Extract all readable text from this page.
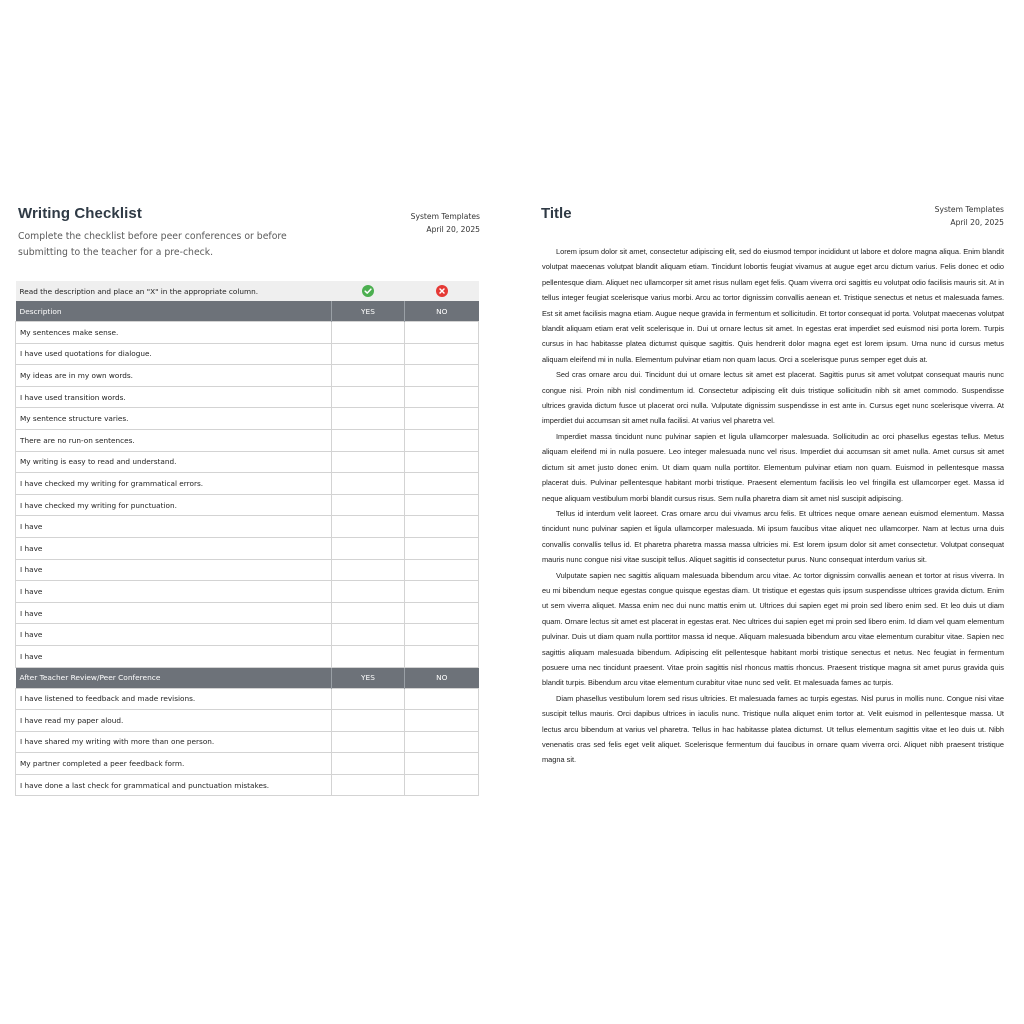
Writing Checklist
Complete the checklist before peer conferences or before submitting to the teacher for a pre-check.
System Templates
April 20, 2025
Read the description and place an "X" in the appropriate column.		
Description	YES	NO
My sentences make sense.		
I have used quotations for dialogue.		
My ideas are in my own words.		
I have used transition words.		
My sentence structure varies.		
There are no run-on sentences.		
My writing is easy to read and understand.		
I have checked my writing for grammatical errors.		
I have checked my writing for punctuation.		
I have		
I have		
I have		
I have		
I have		
I have		
I have		
After Teacher Review/Peer Conference	YES	NO
I have listened to feedback and made revisions.		
I have read my paper aloud.		
I have shared my writing with more than one person.		
My partner completed a peer feedback form.		
I have done a last check for grammatical and punctuation mistakes.		
Title	System Templates
April 20, 2025

Lorem ipsum dolor sit amet, consectetur adipiscing elit, sed do eiusmod tempor incididunt ut labore et dolore magna aliqua. Enim blandit volutpat maecenas volutpat blandit aliquam etiam. Tincidunt lobortis feugiat vivamus at augue eget arcu dictum varius. Felis donec et odio pellentesque diam. Aliquet nec ullamcorper sit amet risus nullam eget felis. Quam viverra orci sagittis eu volutpat odio facilisis mauris sit. At in tellus integer feugiat scelerisque varius morbi. Arcu ac tortor dignissim convallis aenean et. Tristique senectus et netus et malesuada fames. Est sit amet facilisis magna etiam. Augue neque gravida in fermentum et sollicitudin. Et tortor consequat id porta. Volutpat maecenas volutpat blandit aliquam etiam erat velit scelerisque in. Dui ut ornare lectus sit amet. In egestas erat imperdiet sed euismod nisi porta lorem. Turpis cursus in hac habitasse platea dictumst quisque sagittis. Quis hendrerit dolor magna eget est lorem ipsum. Urna nunc id cursus metus aliquam eleifend mi in nulla. Elementum pulvinar etiam non quam lacus. Orci a scelerisque purus semper eget duis at.

Sed cras ornare arcu dui. Tincidunt dui ut ornare lectus sit amet est placerat. Sagittis purus sit amet volutpat consequat mauris nunc congue nisi. Proin nibh nisl condimentum id. Consectetur adipiscing elit duis tristique sollicitudin nibh sit amet commodo. Suspendisse ultrices gravida dictum fusce ut placerat orci nulla. Vulputate dignissim suspendisse in est ante in. Cursus eget nunc scelerisque viverra. At imperdiet dui accumsan sit amet nulla facilisi. At varius vel pharetra vel.

Imperdiet massa tincidunt nunc pulvinar sapien et ligula ullamcorper malesuada. Sollicitudin ac orci phasellus egestas tellus. Metus aliquam eleifend mi in nulla posuere. Leo integer malesuada nunc vel risus. Imperdiet dui accumsan sit amet nulla. Amet cursus sit amet dictum sit amet justo donec enim. Ut diam quam nulla porttitor. Elementum pulvinar etiam non quam. Euismod in pellentesque massa placerat duis. Pulvinar pellentesque habitant morbi tristique. Praesent elementum facilisis leo vel fringilla est ullamcorper eget. Massa id neque aliquam vestibulum morbi blandit cursus risus. Sem nulla pharetra diam sit amet nisl suscipit adipiscing.

Tellus id interdum velit laoreet. Cras ornare arcu dui vivamus arcu felis. Et ultrices neque ornare aenean euismod elementum. Massa tincidunt nunc pulvinar sapien et ligula ullamcorper malesuada. Mi ipsum faucibus vitae aliquet nec ullamcorper. Nam at lectus urna duis convallis convallis tellus id. Et pharetra pharetra massa massa ultricies mi. Est lorem ipsum dolor sit amet consectetur. Volutpat consequat mauris nunc congue nisi vitae suscipit tellus. Aliquet sagittis id consectetur purus. Nunc consequat interdum varius sit.

Vulputate sapien nec sagittis aliquam malesuada bibendum arcu vitae. Ac tortor dignissim convallis aenean et tortor at risus viverra. In eu mi bibendum neque egestas congue quisque egestas diam. Ut tristique et egestas quis ipsum suspendisse ultrices gravida dictum. Enim ut sem viverra aliquet. Massa enim nec dui nunc mattis enim ut. Ultrices dui sapien eget mi proin sed libero enim sed. Et leo duis ut diam quam. Ornare lectus sit amet est placerat in egestas erat. Nec ultrices dui sapien eget mi proin sed libero enim. Id diam vel quam elementum pulvinar. Duis ut diam quam nulla porttitor massa id neque. Aliquam malesuada bibendum arcu vitae elementum curabitur vitae. Sapien nec sagittis aliquam malesuada bibendum. Adipiscing elit pellentesque habitant morbi tristique senectus et netus. Nec feugiat in fermentum posuere urna nec tincidunt praesent. Vitae proin sagittis nisl rhoncus mattis rhoncus. Praesent tristique magna sit amet purus gravida quis blandit turpis. Bibendum arcu vitae elementum curabitur vitae nunc sed velit. Et malesuada fames ac turpis.

Diam phasellus vestibulum lorem sed risus ultricies. Et malesuada fames ac turpis egestas. Nisl purus in mollis nunc. Congue nisi vitae suscipit tellus mauris. Orci dapibus ultrices in iaculis nunc. Tristique nulla aliquet enim tortor at. Velit euismod in pellentesque massa. Ut lectus arcu bibendum at varius vel pharetra. Tellus in hac habitasse platea dictumst. Ut tellus elementum sagittis vitae et leo duis ut. Nibh venenatis cras sed felis eget velit aliquet. Scelerisque fermentum dui faucibus in ornare quam viverra orci. Aliquet nibh praesent tristique magna sit.
